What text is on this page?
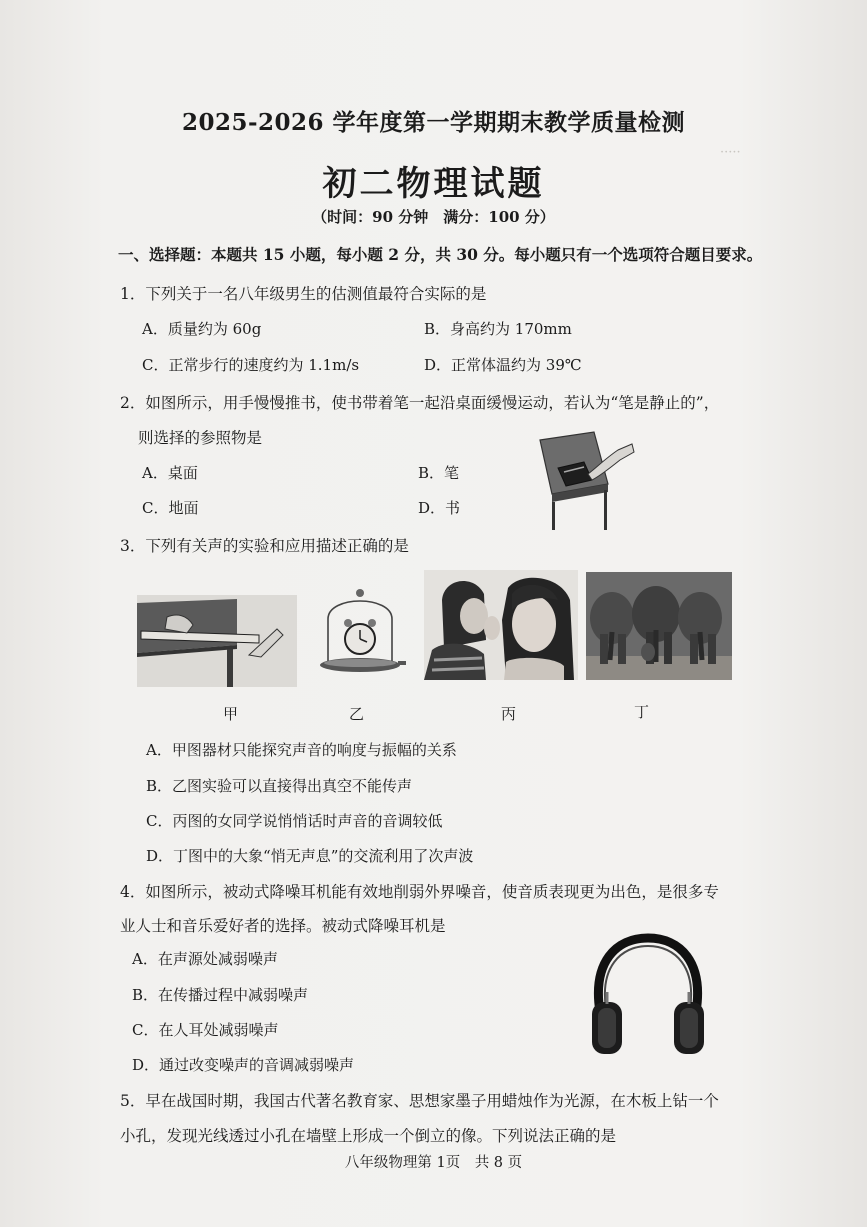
·····
2025-2026 学年度第一学期期末教学质量检测
初二物理试题
（时间：90 分钟　满分：100 分）
一、选择题：本题共 15 小题，每小题 2 分，共 30 分。每小题只有一个选项符合题目要求。
1．下列关于一名八年级男生的估测值最符合实际的是
A．质量约为 60g	B．身高约为 170mm
C．正常步行的速度约为 1.1m/s	D．正常体温约为 39℃
2．如图所示，用手慢慢推书，使书带着笔一起沿桌面缓慢运动，若认为“笔是静止的”，
则选择的参照物是
A．桌面	B．笔
C．地面	D．书
3．下列有关声的实验和应用描述正确的是
甲	乙	丙	丁
A．甲图器材只能探究声音的响度与振幅的关系
B．乙图实验可以直接得出真空不能传声
C．丙图的女同学说悄悄话时声音的音调较低
D．丁图中的大象“悄无声息”的交流利用了次声波
4．如图所示，被动式降噪耳机能有效地削弱外界噪音，使音质表现更为出色，是很多专
业人士和音乐爱好者的选择。被动式降噪耳机是
A．在声源处减弱噪声
B．在传播过程中减弱噪声
C．在人耳处减弱噪声
D．通过改变噪声的音调减弱噪声
5．早在战国时期，我国古代著名教育家、思想家墨子用蜡烛作为光源，在木板上钻一个
小孔，发现光线透过小孔在墙壁上形成一个倒立的像。下列说法正确的是
八年级物理第 1页　共 8 页
